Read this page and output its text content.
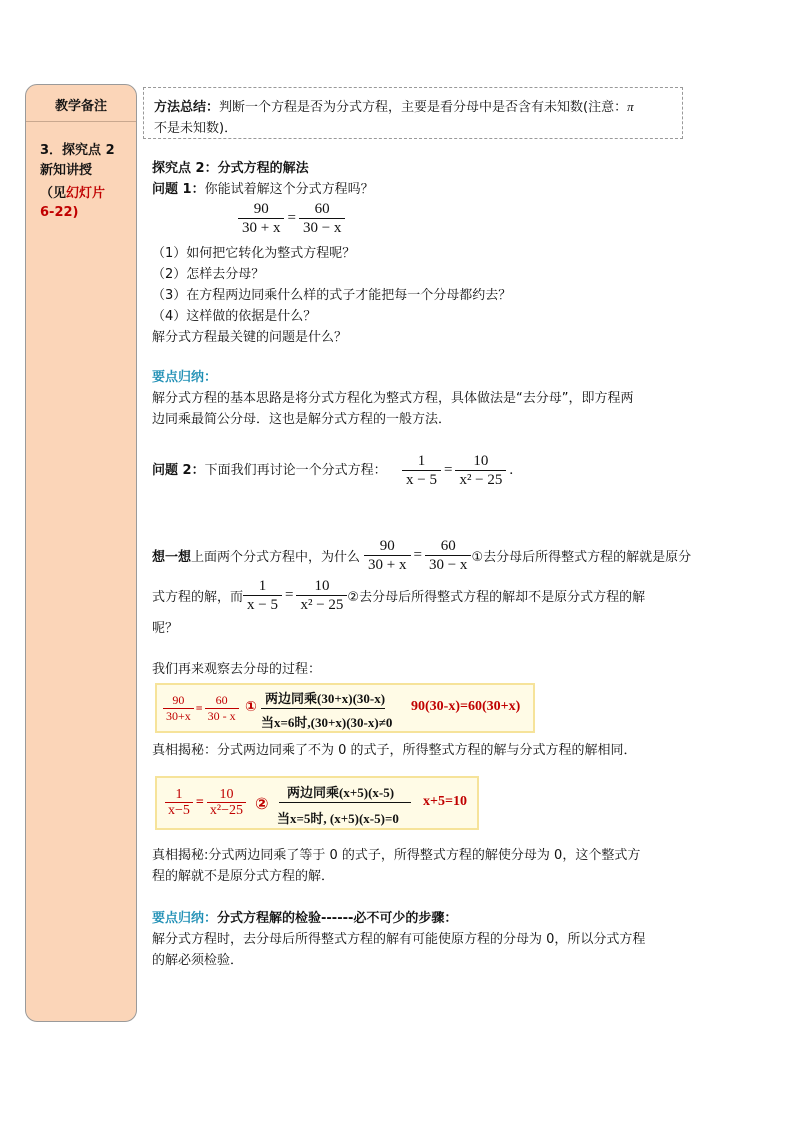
教学备注
3．探究点 2
新知讲授
（见幻灯片
6-22)
方法总结：判断一个方程是否为分式方程，主要是看分母中是否含有未知数(注意：π
不是未知数)．
探究点 2：分式方程的解法
问题 1：你能试着解这个分式方程吗？
$\frac{90}{30 + x} = \frac{60}{30 - x}$
（1）如何把它转化为整式方程呢？
（2）怎样去分母？
（3）在方程两边同乘什么样的式子才能把每一个分母都约去？
（4）这样做的依据是什么？
解分式方程最关键的问题是什么？
要点归纳：
解分式方程的基本思路是将分式方程化为整式方程，具体做法是“去分母”，即方程两
边同乘最简公分母．这也是解分式方程的一般方法．
问题 2：下面我们再讨论一个分式方程： $\frac{1}{x - 5} = \frac{10}{\text{x² − 25}}$ .
想一想上面两个分式方程中，为什么 $\frac{90}{30 + x} = \frac{60}{30 - x}$ ①去分母后所得整式方程的解就是原分
式方程的解，而 $\frac{1}{x - 5} = \frac{10}{\text{x² − 25}}$ ②去分母后所得整式方程的解却不是原分式方程的解
呢？
我们再来观察去分母的过程：
$\frac{90}{30+x} = \frac{60}{30 - x}$ ①
两边同乘(30+x)(30-x)
当x=6时,(30+x)(30-x)≠0
90(30-x)=60(30+x)
真相揭秘：分式两边同乘了不为 0 的式子，所得整式方程的解与分式方程的解相同．
$\frac{1}{x-5} = \frac{10}{\text{x²−25}}$ ②
两边同乘(x+5)(x-5)
当x=5时, (x+5)(x-5)=0
x+5=10
真相揭秘:分式两边同乘了等于 0 的式子，所得整式方程的解使分母为 0，这个整式方
程的解就不是原分式方程的解．
要点归纳：分式方程解的检验------必不可少的步骤：
解分式方程时，去分母后所得整式方程的解有可能使原方程的分母为 0，所以分式方程
的解必须检验．
